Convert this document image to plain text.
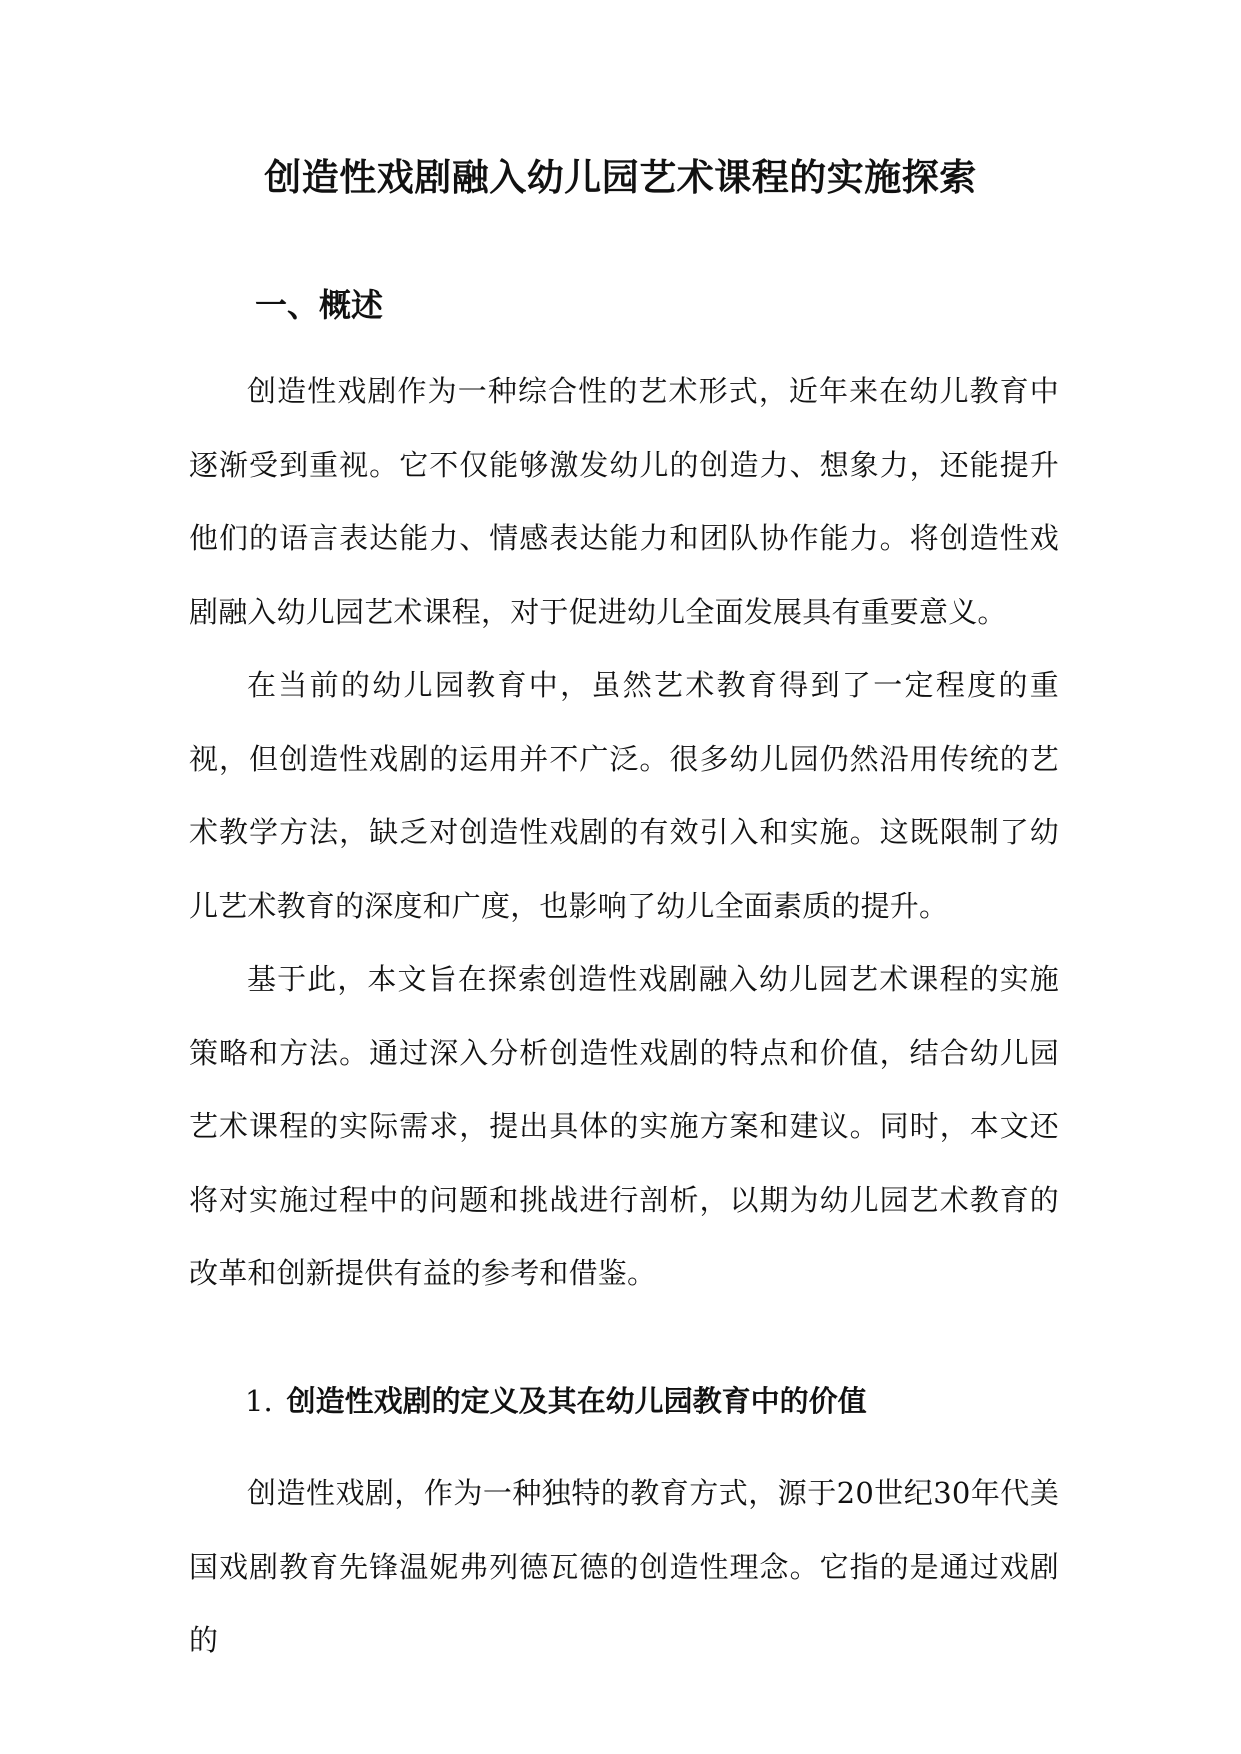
创造性戏剧融入幼儿园艺术课程的实施探索
一、概述

创造性戏剧作为一种综合性的艺术形式，近年来在幼儿教育中逐渐受到重视。它不仅能够激发幼儿的创造力、想象力，还能提升他们的语言表达能力、情感表达能力和团队协作能力。将创造性戏剧融入幼儿园艺术课程，对于促进幼儿全面发展具有重要意义。

在当前的幼儿园教育中，虽然艺术教育得到了一定程度的重视，但创造性戏剧的运用并不广泛。很多幼儿园仍然沿用传统的艺术教学方法，缺乏对创造性戏剧的有效引入和实施。这既限制了幼儿艺术教育的深度和广度，也影响了幼儿全面素质的提升。

基于此，本文旨在探索创造性戏剧融入幼儿园艺术课程的实施策略和方法。通过深入分析创造性戏剧的特点和价值，结合幼儿园艺术课程的实际需求，提出具体的实施方案和建议。同时，本文还将对实施过程中的问题和挑战进行剖析，以期为幼儿园艺术教育的改革和创新提供有益的参考和借鉴。

1. 创造性戏剧的定义及其在幼儿园教育中的价值

创造性戏剧，作为一种独特的教育方式，源于20世纪30年代美国戏剧教育先锋温妮弗列德瓦德的创造性理念。它指的是通过戏剧的
